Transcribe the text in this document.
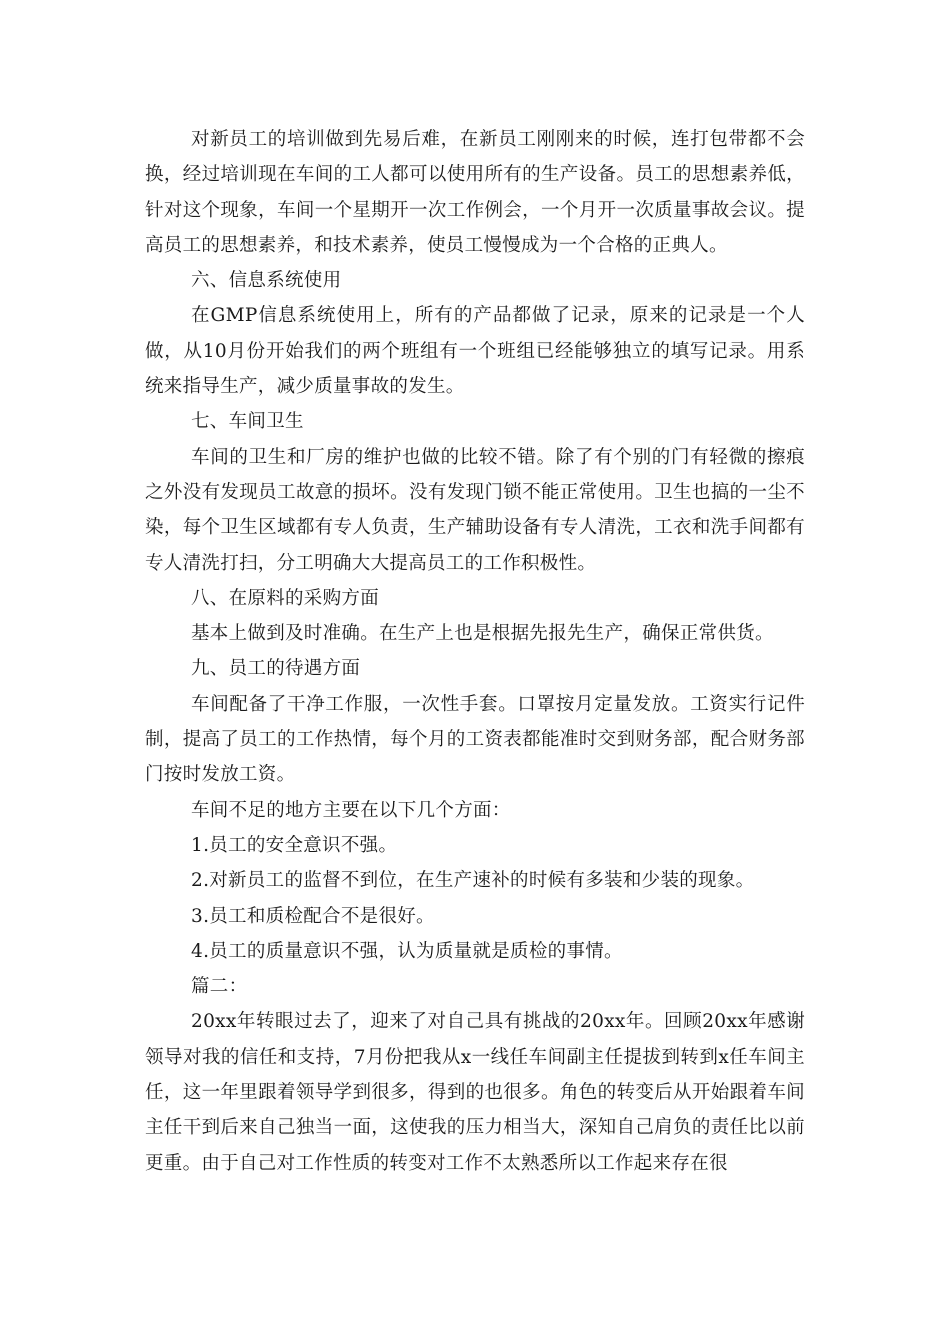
对新员工的培训做到先易后难，在新员工刚刚来的时候，连打包带都不会换，经过培训现在车间的工人都可以使用所有的生产设备。员工的思想素养低，针对这个现象，车间一个星期开一次工作例会，一个月开一次质量事故会议。提高员工的思想素养，和技术素养，使员工慢慢成为一个合格的正典人。

六、信息系统使用

在GMP信息系统使用上，所有的产品都做了记录，原来的记录是一个人做，从10月份开始我们的两个班组有一个班组已经能够独立的填写记录。用系统来指导生产，减少质量事故的发生。

七、车间卫生

车间的卫生和厂房的维护也做的比较不错。除了有个别的门有轻微的擦痕之外没有发现员工故意的损坏。没有发现门锁不能正常使用。卫生也搞的一尘不染，每个卫生区域都有专人负责，生产辅助设备有专人清洗，工衣和洗手间都有专人清洗打扫，分工明确大大提高员工的工作积极性。

八、在原料的采购方面

基本上做到及时准确。在生产上也是根据先报先生产，确保正常供货。

九、员工的待遇方面

车间配备了干净工作服，一次性手套。口罩按月定量发放。工资实行记件制，提高了员工的工作热情，每个月的工资表都能准时交到财务部，配合财务部门按时发放工资。

车间不足的地方主要在以下几个方面：

1.员工的安全意识不强。

2.对新员工的监督不到位，在生产速补的时候有多装和少装的现象。

3.员工和质检配合不是很好。

4.员工的质量意识不强，认为质量就是质检的事情。

篇二：

20xx年转眼过去了，迎来了对自己具有挑战的20xx年。回顾20xx年感谢领导对我的信任和支持，7月份把我从x一线任车间副主任提拔到转到x任车间主任，这一年里跟着领导学到很多，得到的也很多。角色的转变后从开始跟着车间主任干到后来自己独当一面，这使我的压力相当大，深知自己肩负的责任比以前更重。由于自己对工作性质的转变对工作不太熟悉所以工作起来存在很
